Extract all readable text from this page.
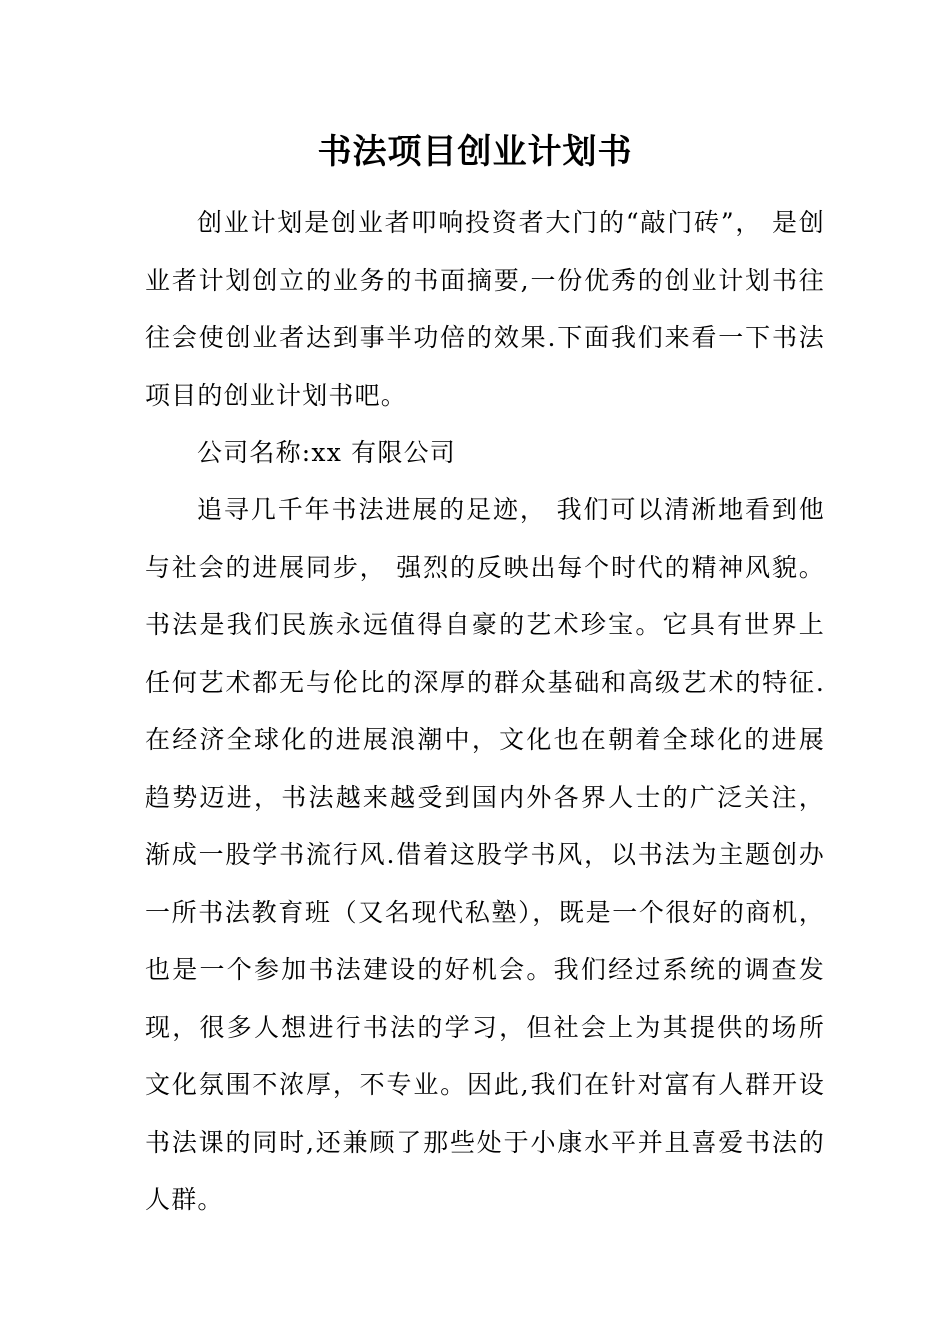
书法项目创业计划书

创业计划是创业者叩响投资者大门的“敲门砖”， 是创业者计划创立的业务的书面摘要,一份优秀的创业计划书往往会使创业者达到事半功倍的效果.下面我们来看一下书法项目的创业计划书吧。

公司名称:xx 有限公司

追寻几千年书法进展的足迹， 我们可以清淅地看到他与社会的进展同步， 强烈的反映出每个时代的精神风貌。书法是我们民族永远值得自豪的艺术珍宝。它具有世界上任何艺术都无与伦比的深厚的群众基础和高级艺术的特征.在经济全球化的进展浪潮中，文化也在朝着全球化的进展趋势迈进，书法越来越受到国内外各界人士的广泛关注，渐成一股学书流行风.借着这股学书风，以书法为主题创办一所书法教育班（又名现代私塾），既是一个很好的商机，也是一个参加书法建设的好机会。我们经过系统的调查发现，很多人想进行书法的学习，但社会上为其提供的场所文化氛围不浓厚，不专业。因此,我们在针对富有人群开设书法课的同时,还兼顾了那些处于小康水平并且喜爱书法的人群。
